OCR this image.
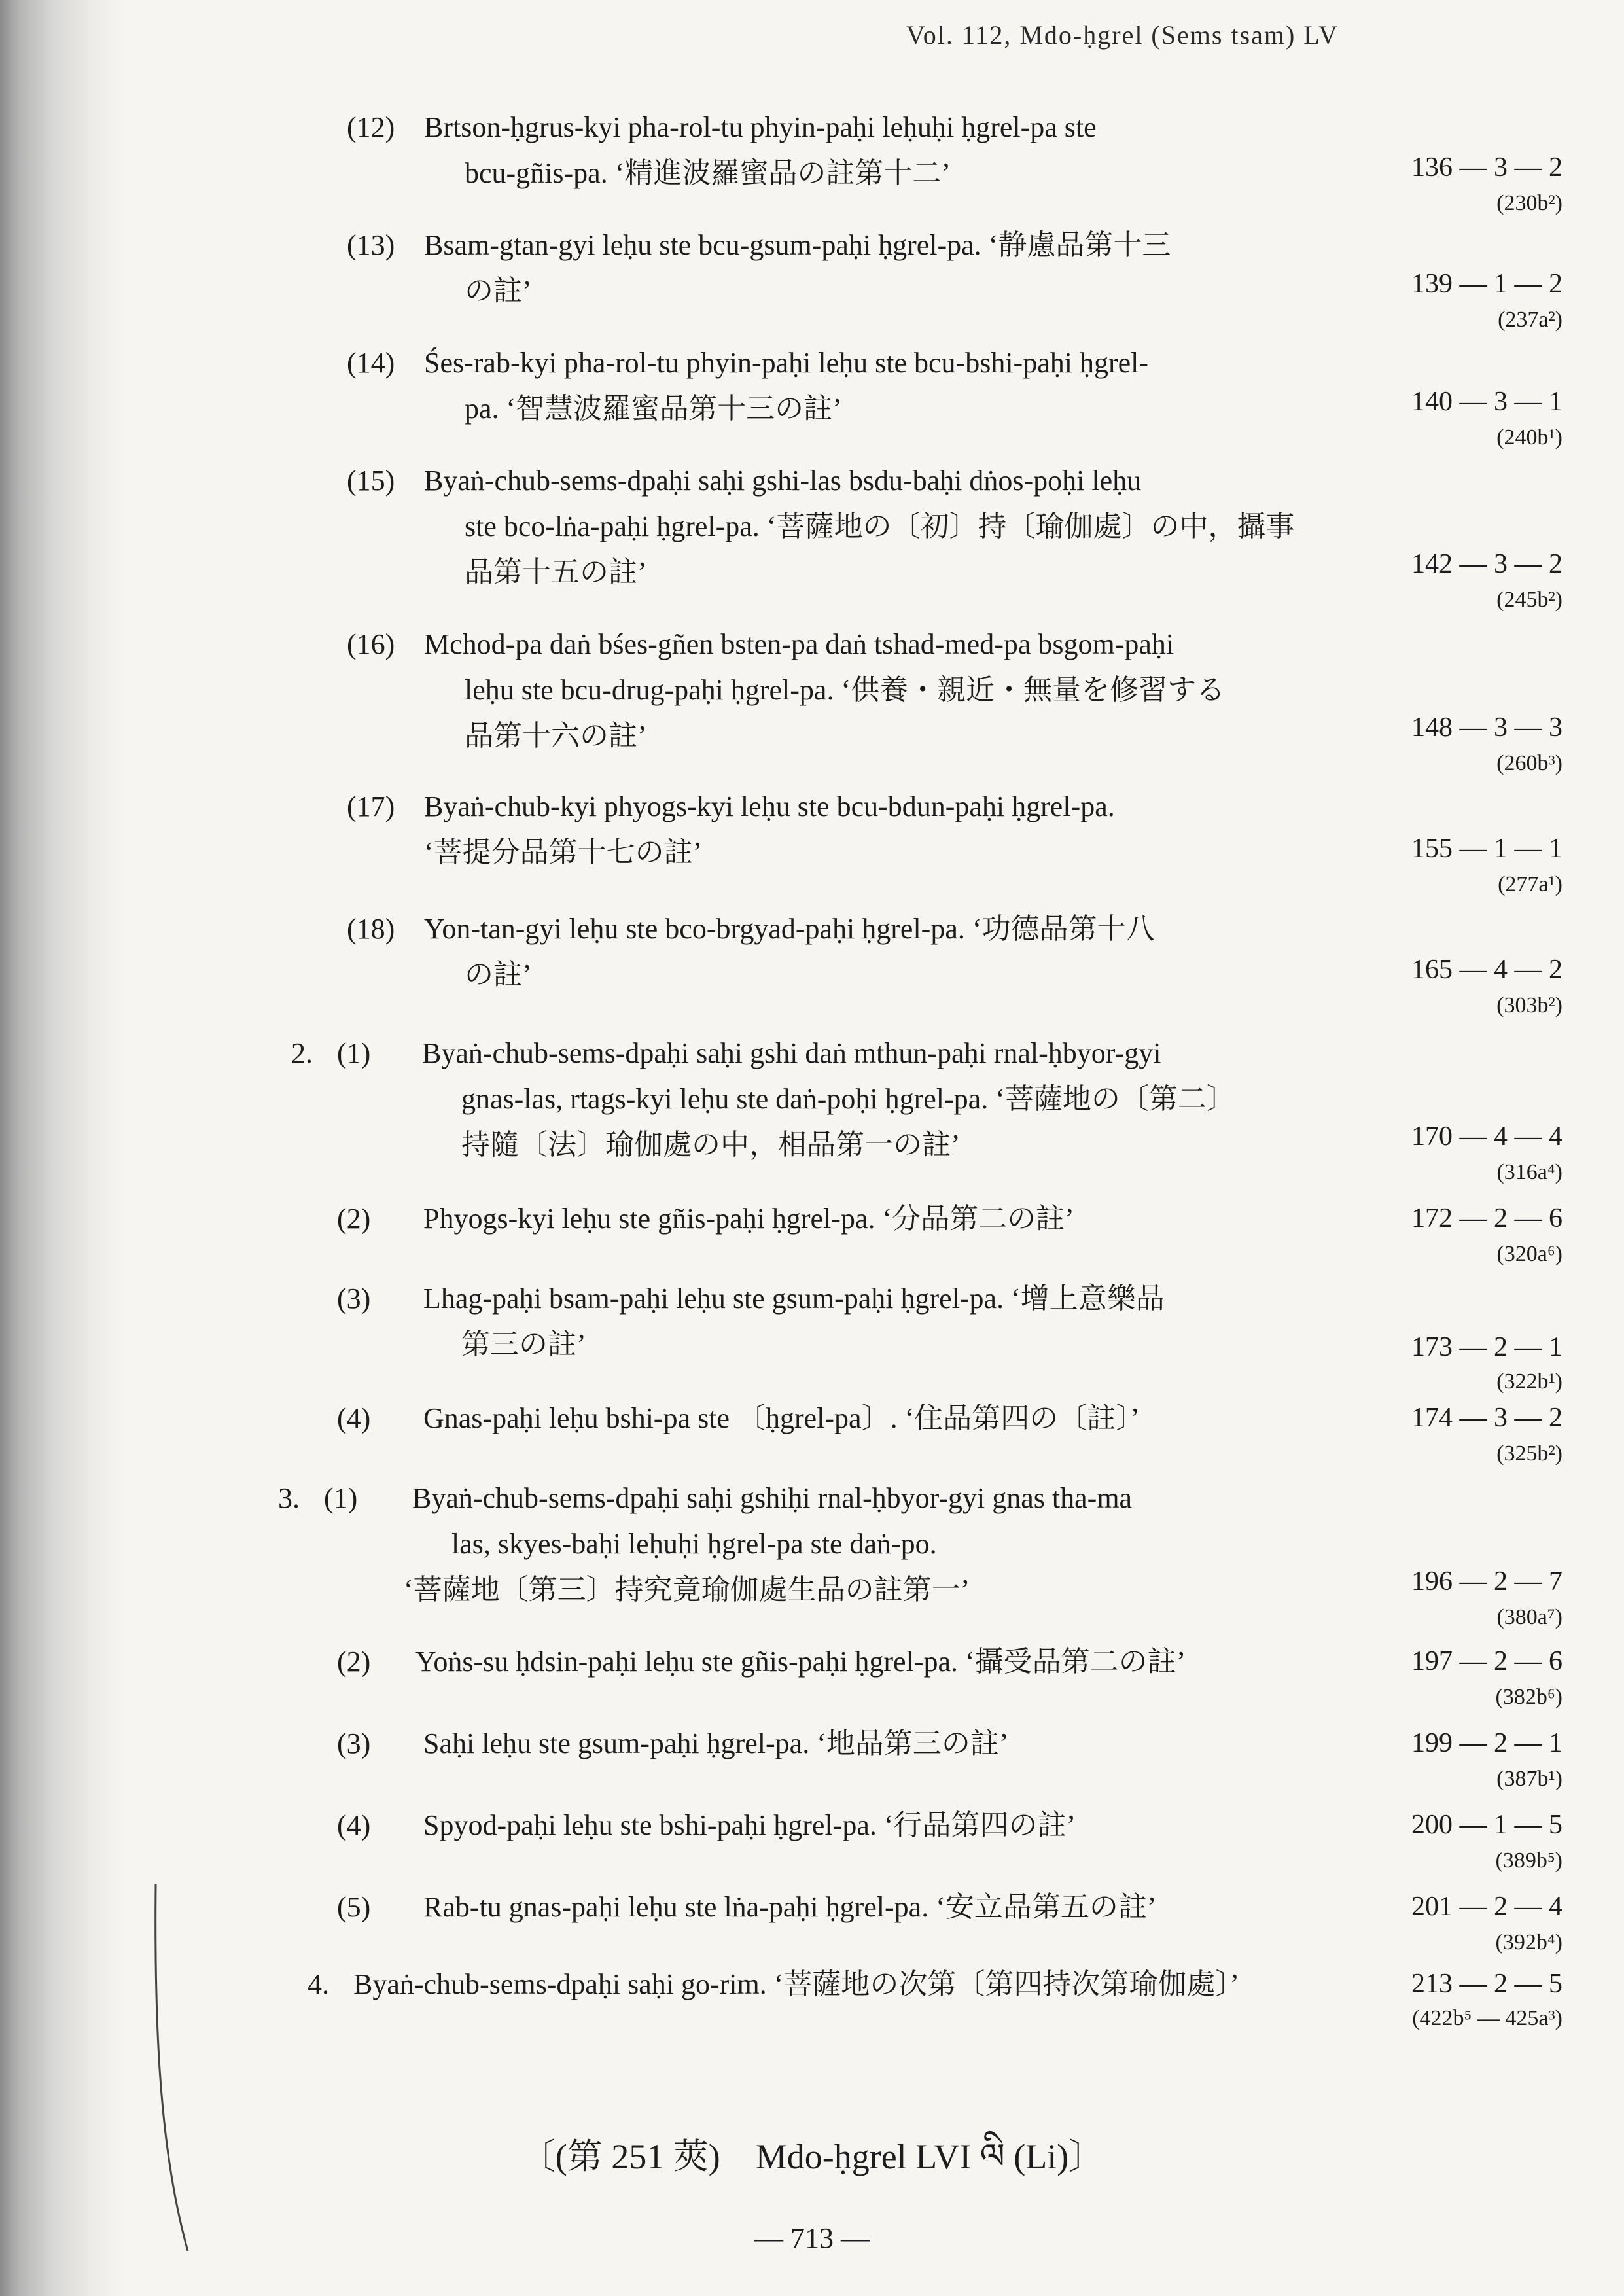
Vol. 112, Mdo-ḥgrel (Sems tsam) LV
(12) Brtson-ḥgrus-kyi pha-rol-tu phyin-paḥi leḥuḥi ḥgrel-pa ste
bcu-gñis-pa. ‘精進波羅蜜品の註第十二’	136 — 3 — 2
(230b²)
(13) Bsam-gtan-gyi leḥu ste bcu-gsum-paḥi ḥgrel-pa. ‘静慮品第十三
の註’	139 — 1 — 2
(237a²)
(14) Śes-rab-kyi pha-rol-tu phyin-paḥi leḥu ste bcu-bshi-paḥi ḥgrel-
pa. ‘智慧波羅蜜品第十三の註’	140 — 3 — 1
(240b¹)
(15) Byaṅ-chub-sems-dpaḥi saḥi gshi-las bsdu-baḥi dṅos-poḥi leḥu
ste bco-lṅa-paḥi ḥgrel-pa. ‘菩薩地の〔初〕持〔瑜伽處〕の中，攝事
品第十五の註’	142 — 3 — 2
(245b²)
(16) Mchod-pa daṅ bśes-gñen bsten-pa daṅ tshad-med-pa bsgom-paḥi
leḥu ste bcu-drug-paḥi ḥgrel-pa. ‘供養・親近・無量を修習する
品第十六の註’	148 — 3 — 3
(260b³)
(17) Byaṅ-chub-kyi phyogs-kyi leḥu ste bcu-bdun-paḥi ḥgrel-pa.
‘菩提分品第十七の註’	155 — 1 — 1
(277a¹)
(18) Yon-tan-gyi leḥu ste bco-brgyad-paḥi ḥgrel-pa. ‘功德品第十八
の註’	165 — 4 — 2
(303b²)
2. (1) Byaṅ-chub-sems-dpaḥi saḥi gshi daṅ mthun-paḥi rnal-ḥbyor-gyi
gnas-las, rtags-kyi leḥu ste daṅ-poḥi ḥgrel-pa. ‘菩薩地の〔第二〕
持隨〔法〕瑜伽處の中，相品第一の註’	170 — 4 — 4
(316a⁴)
(2) Phyogs-kyi leḥu ste gñis-paḥi ḥgrel-pa. ‘分品第二の註’	172 — 2 — 6
(320a⁶)
(3) Lhag-paḥi bsam-paḥi leḥu ste gsum-paḥi ḥgrel-pa. ‘增上意樂品
第三の註’	173 — 2 — 1
(322b¹)
(4) Gnas-paḥi leḥu bshi-pa ste 〔ḥgrel-pa〕. ‘住品第四の〔註〕’	174 — 3 — 2
(325b²)
3. (1) Byaṅ-chub-sems-dpaḥi saḥi gshiḥi rnal-ḥbyor-gyi gnas tha-ma
las, skyes-baḥi leḥuḥi ḥgrel-pa ste daṅ-po.
‘菩薩地〔第三〕持究竟瑜伽處生品の註第一’	196 — 2 — 7
(380a⁷)
(2) Yoṅs-su ḥdsin-paḥi leḥu ste gñis-paḥi ḥgrel-pa. ‘攝受品第二の註’	197 — 2 — 6
(382b⁶)
(3) Saḥi leḥu ste gsum-paḥi ḥgrel-pa. ‘地品第三の註’	199 — 2 — 1
(387b¹)
(4) Spyod-paḥi leḥu ste bshi-paḥi ḥgrel-pa. ‘行品第四の註’	200 — 1 — 5
(389b⁵)
(5) Rab-tu gnas-paḥi leḥu ste lṅa-paḥi ḥgrel-pa. ‘安立品第五の註’	201 — 2 — 4
(392b⁴)
4. Byaṅ-chub-sems-dpaḥi saḥi go-rim. ‘菩薩地の次第〔第四持次第瑜伽處〕’	213 — 2 — 5
(422b⁵ — 425a³)
〔(第 251 莢)　Mdo-ḥgrel LVI ལི (Li)〕
— 713 —
